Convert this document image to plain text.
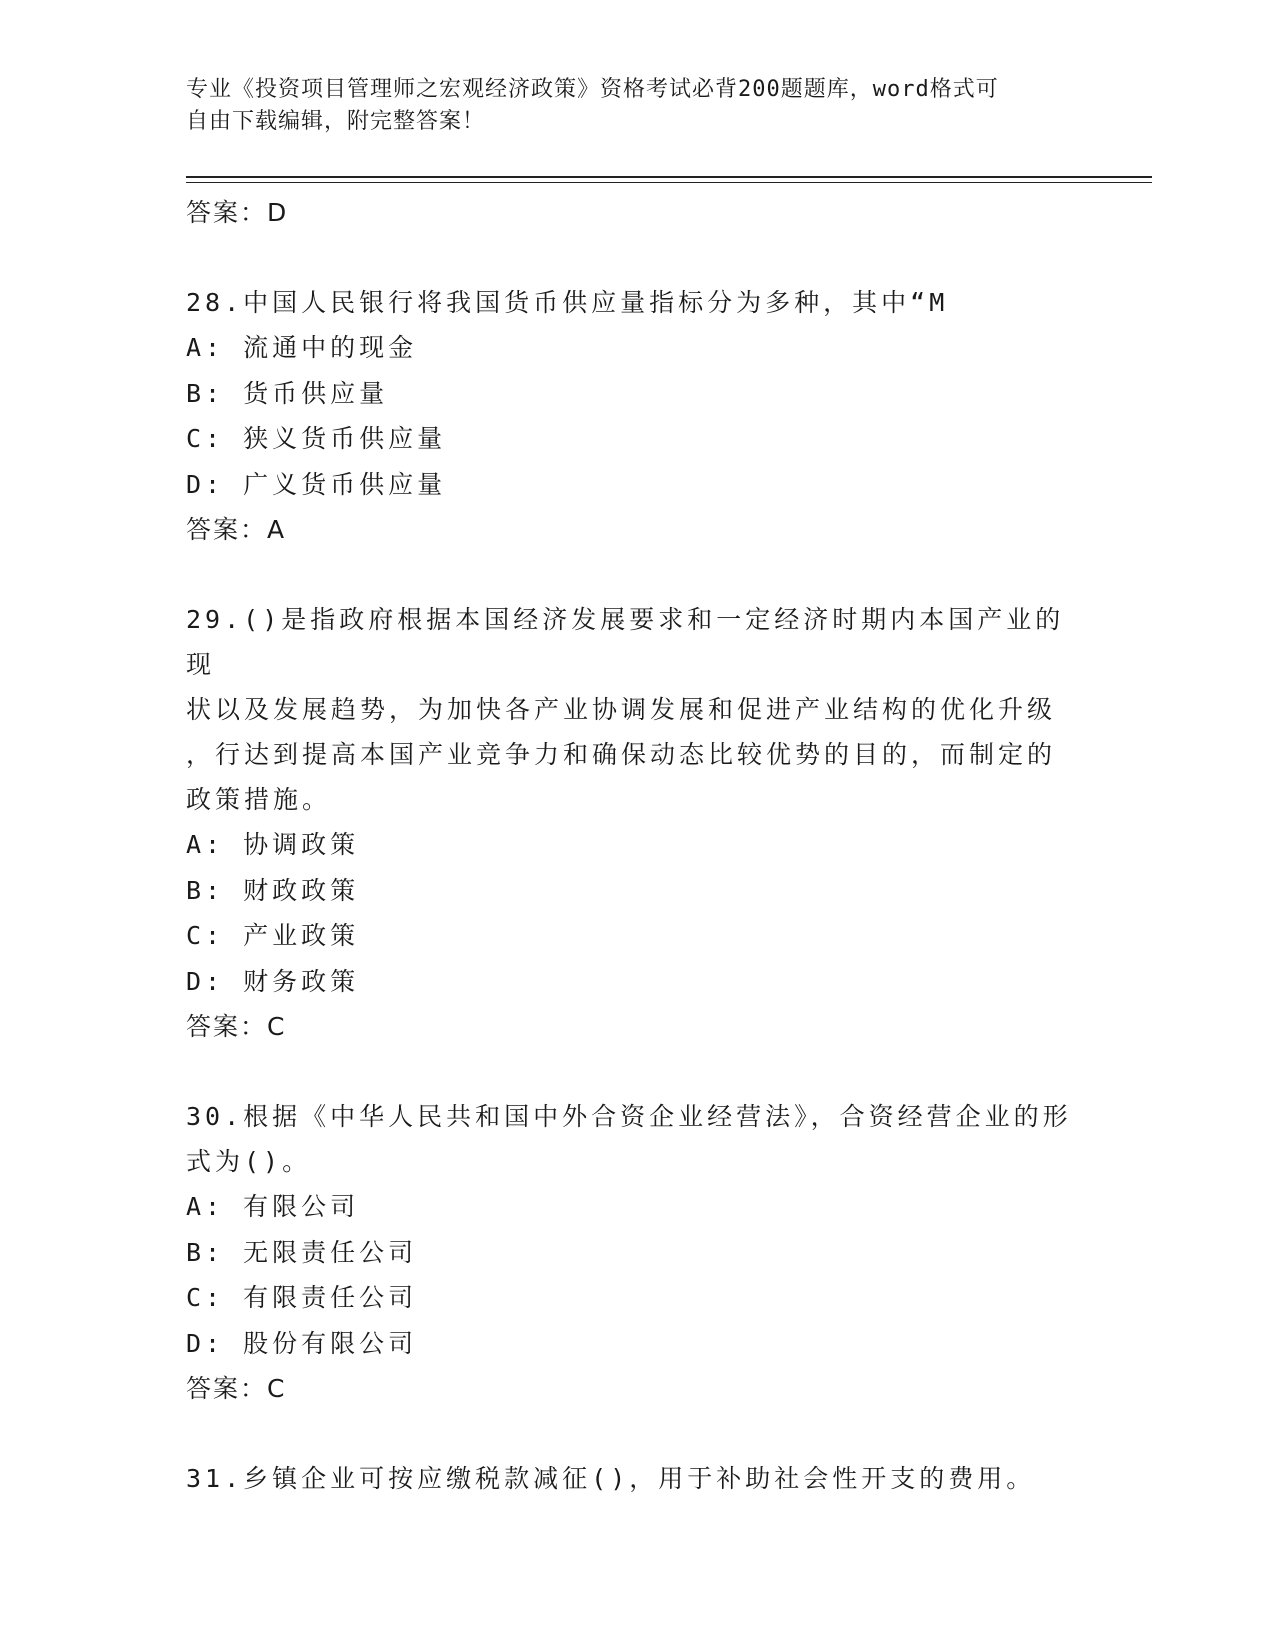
专业《投资项目管理师之宏观经济政策》资格考试必背200题题库，word格式可
自由下载编辑，附完整答案！
答案：D
28.中国人民银行将我国货币供应量指标分为多种，其中“M
A: 流通中的现金
B: 货币供应量
C: 狭义货币供应量
D: 广义货币供应量
答案：A
29.()是指政府根据本国经济发展要求和一定经济时期内本国产业的现
状以及发展趋势，为加快各产业协调发展和促进产业结构的优化升级
，行达到提高本国产业竞争力和确保动态比较优势的目的，而制定的
政策措施。
A: 协调政策
B: 财政政策
C: 产业政策
D: 财务政策
答案：C
30.根据《中华人民共和国中外合资企业经营法》，合资经营企业的形
式为()。
A: 有限公司
B: 无限责任公司
C: 有限责任公司
D: 股份有限公司
答案：C
31.乡镇企业可按应缴税款减征()，用于补助社会性开支的费用。
